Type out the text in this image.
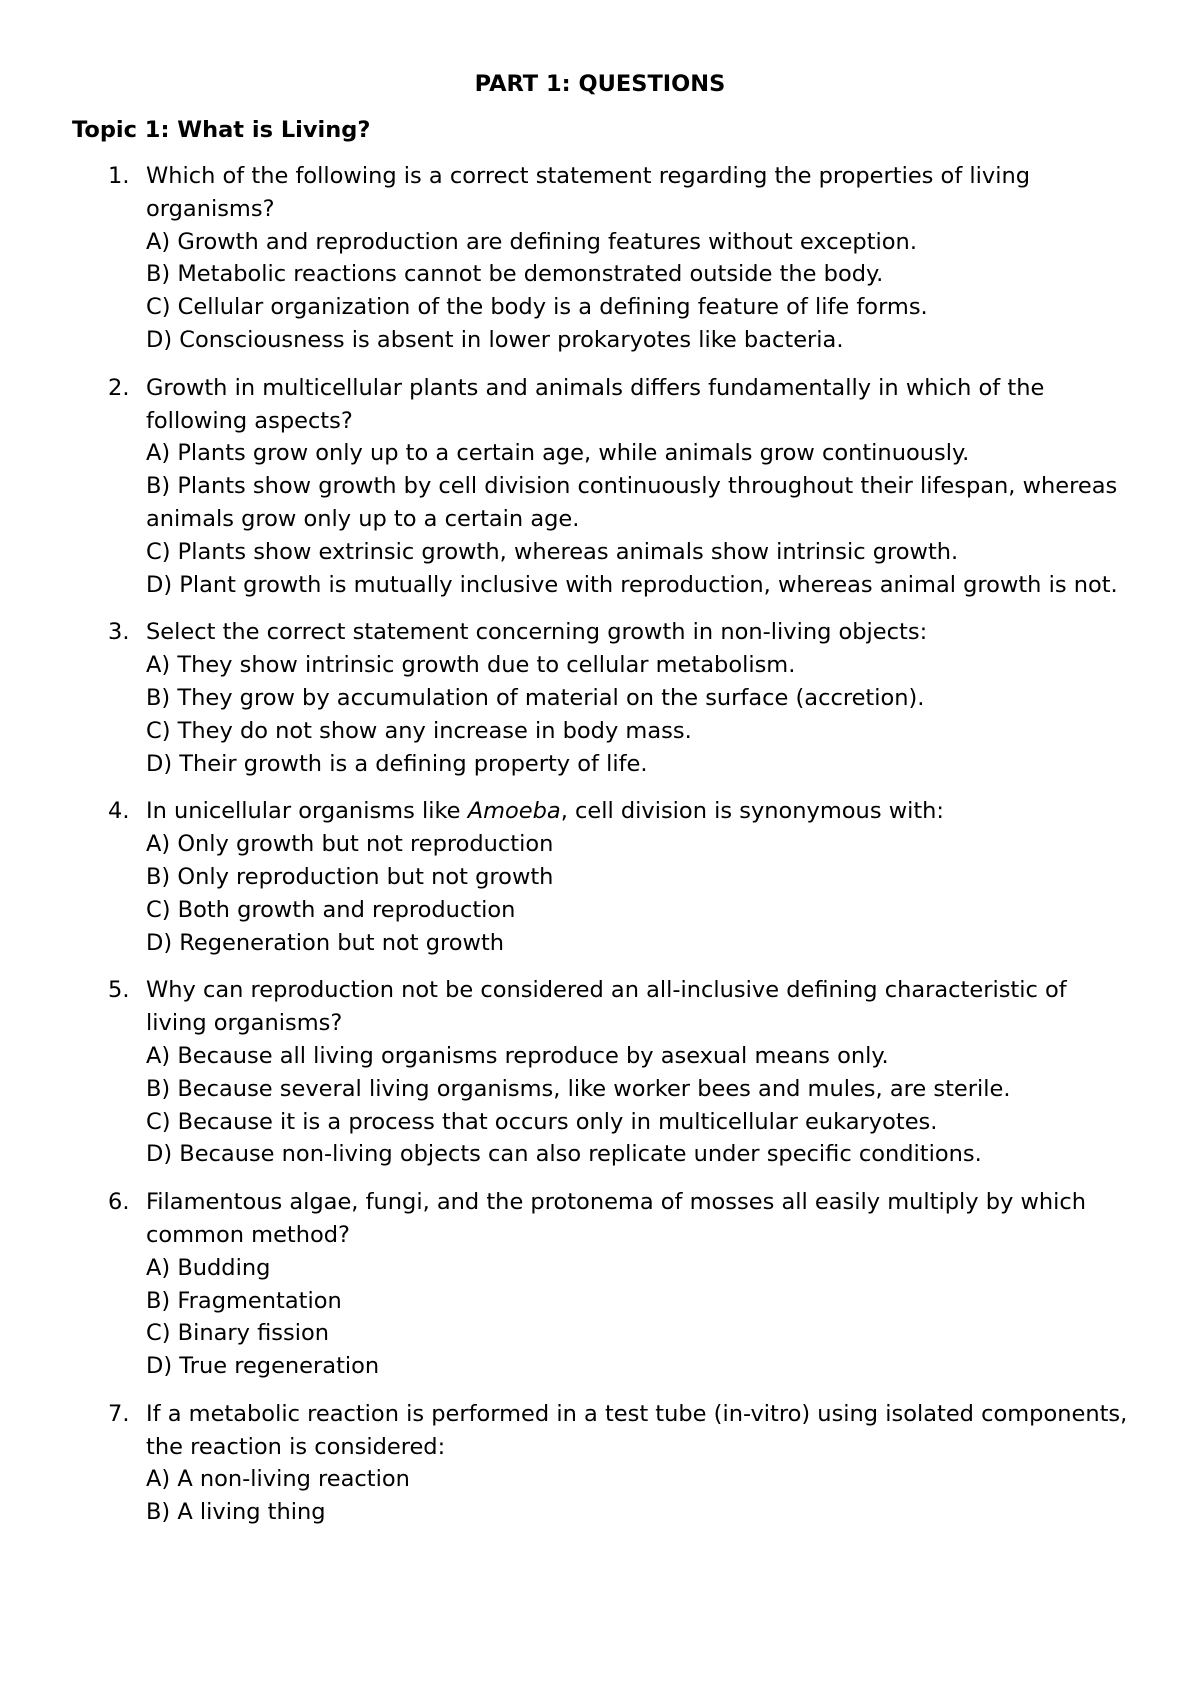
PART 1: QUESTIONS
Topic 1: What is Living?
1. Which of the following is a correct statement regarding the properties of living organisms?
A) Growth and reproduction are defining features without exception.
B) Metabolic reactions cannot be demonstrated outside the body.
C) Cellular organization of the body is a defining feature of life forms.
D) Consciousness is absent in lower prokaryotes like bacteria.
2. Growth in multicellular plants and animals differs fundamentally in which of the following aspects?
A) Plants grow only up to a certain age, while animals grow continuously.
B) Plants show growth by cell division continuously throughout their lifespan, whereas animals grow only up to a certain age.
C) Plants show extrinsic growth, whereas animals show intrinsic growth.
D) Plant growth is mutually inclusive with reproduction, whereas animal growth is not.
3. Select the correct statement concerning growth in non-living objects:
A) They show intrinsic growth due to cellular metabolism.
B) They grow by accumulation of material on the surface (accretion).
C) They do not show any increase in body mass.
D) Their growth is a defining property of life.
4. In unicellular organisms like Amoeba, cell division is synonymous with:
A) Only growth but not reproduction
B) Only reproduction but not growth
C) Both growth and reproduction
D) Regeneration but not growth
5. Why can reproduction not be considered an all-inclusive defining characteristic of living organisms?
A) Because all living organisms reproduce by asexual means only.
B) Because several living organisms, like worker bees and mules, are sterile.
C) Because it is a process that occurs only in multicellular eukaryotes.
D) Because non-living objects can also replicate under specific conditions.
6. Filamentous algae, fungi, and the protonema of mosses all easily multiply by which common method?
A) Budding
B) Fragmentation
C) Binary fission
D) True regeneration
7. If a metabolic reaction is performed in a test tube (in-vitro) using isolated components, the reaction is considered:
A) A non-living reaction
B) A living thing
